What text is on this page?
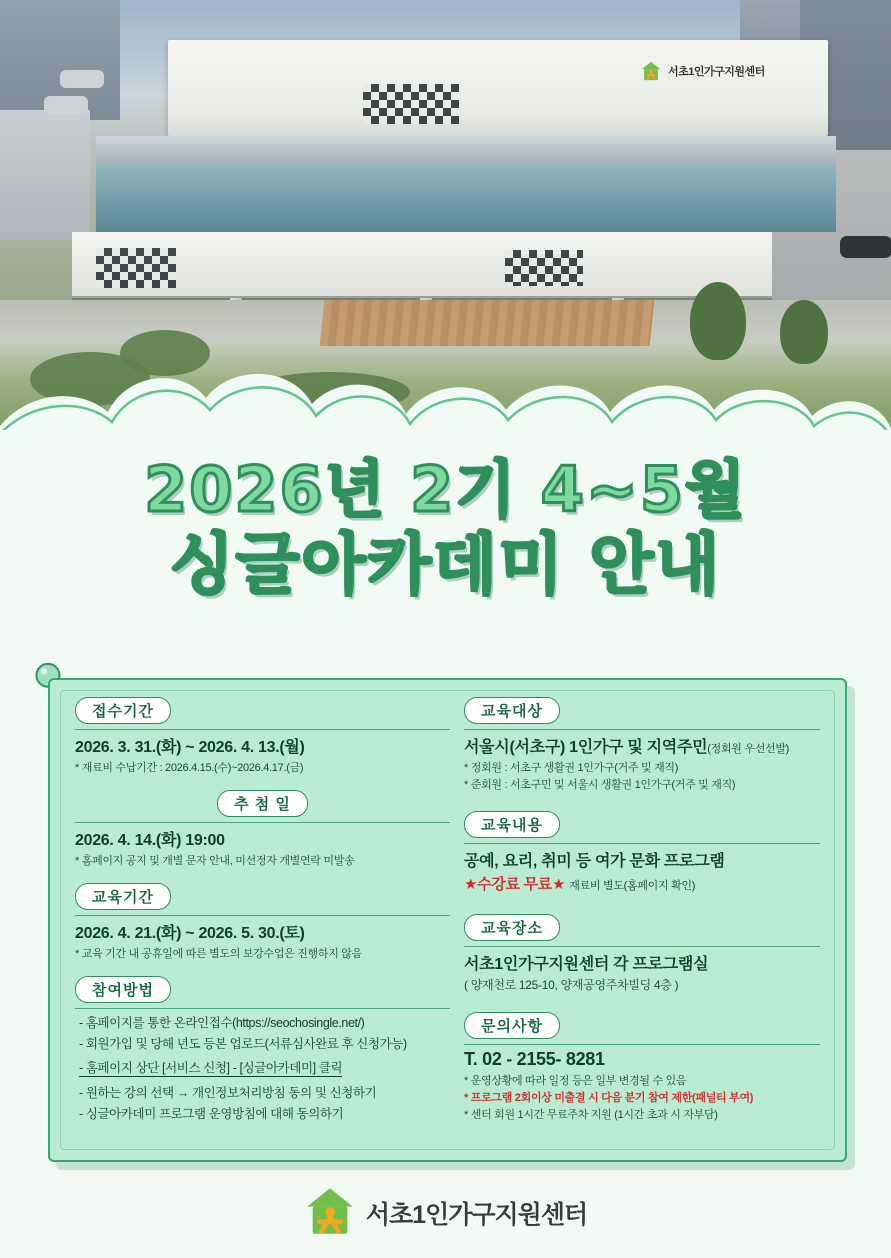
서초1인가구지원센터
2026년 2기 4~5월
싱글아카데미 안내
접수기간
2026. 3. 31.(화) ~ 2026. 4. 13.(월)
* 재료비 수납기간 : 2026.4.15.(수)~2026.4.17.(금)
추 첨 일
2026. 4. 14.(화) 19:00
* 홈페이지 공지 및 개별 문자 안내, 미선정자 개별연락 미발송
교육기간
2026. 4. 21.(화) ~ 2026. 5. 30.(토)
* 교육 기간 내 공휴일에 따른 별도의 보강수업은 진행하지 않음
참여방법
- 홈페이지를 통한 온라인접수(https://seochosingle.net/)
- 회원가입 및 당해 년도 등본 업로드(서류심사완료 후 신청가능)
- 홈페이지 상단 [서비스 신청] - [싱글아카데미] 클릭
- 원하는 강의 선택 → 개인정보처리방침 동의 및 신청하기
- 싱글아카데미 프로그램 운영방침에 대해 동의하기
교육대상
서울시(서초구) 1인가구 및 지역주민(정회원 우선선발)
* 정회원 : 서초구 생활권 1인가구(거주 및 재직)
* 준회원 : 서초구민 및 서울시 생활권 1인가구(거주 및 재직)
교육내용
공예, 요리, 취미 등 여가 문화 프로그램
★수강료 무료★ 재료비 별도(홈페이지 확인)
교육장소
서초1인가구지원센터 각 프로그램실
( 양재천로 125-10, 양재공영주차빌딩 4층 )
문의사항
T. 02 - 2155- 8281
* 운영상황에 따라 일정 등은 일부 변경될 수 있음
* 프로그램 2회이상 미출결 시 다음 분기 참여 제한(패널티 부여)
* 센터 회원 1시간 무료주차 지원 (1시간 초과 시 자부담)
서초1인가구지원센터
